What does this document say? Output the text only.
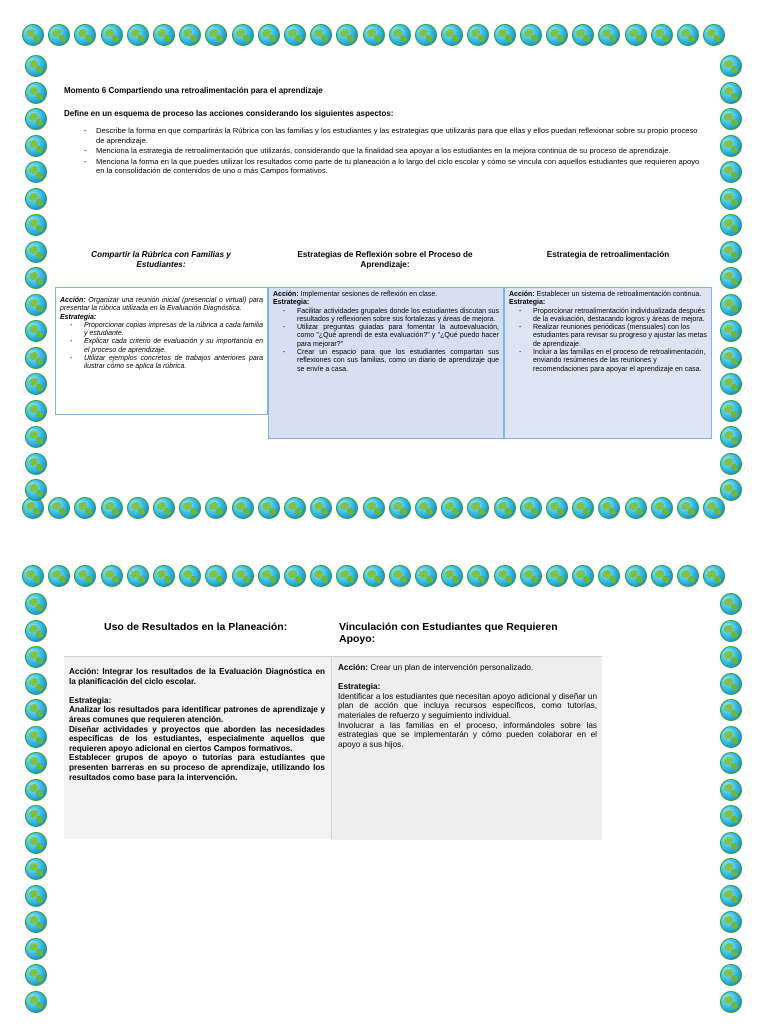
Momento 6 Compartiendo una retroalimentación para el aprendizaje
Define en un esquema de proceso las acciones considerando los siguientes aspectos:
- Describe la forma en que compartirás la Rúbrica con las familias y los estudiantes y las estrategias que utilizarás para que ellas y ellos puedan reflexionar sobre su propio proceso de aprendizaje.
- Menciona la estrategia de retroalimentación que utilizarás, considerando que la finalidad sea apoyar a los estudiantes en la mejora continua de su proceso de aprendizaje.
- Menciona la forma en la que puedes utilizar los resultados como parte de tu planeación a lo largo del ciclo escolar y cómo se vincula con aquellos estudiantes que requieren apoyo en la consolidación de contenidos de uno o más Campos formativos.
Compartir la Rúbrica con Familias y Estudiantes:
Estrategias de Reflexión sobre el Proceso de Aprendizaje:
Estrategia de retroalimentación
Acción: Organizar una reunión inicial (presencial o virtual) para presentar la rúbrica utilizada en la Evaluación Diagnóstica.
Estrategia:
- Proporcionar copias impresas de la rúbrica a cada familia y estudiante.
- Explicar cada criterio de evaluación y su importancia en el proceso de aprendizaje.
- Utilizar ejemplos concretos de trabajos anteriores para ilustrar cómo se aplica la rúbrica.
Acción: Implementar sesiones de reflexión en clase.
Estrategia:
- Facilitar actividades grupales donde los estudiantes discutan sus resultados y reflexionen sobre sus fortalezas y áreas de mejora.
- Utilizar preguntas guiadas para fomentar la autoevaluación, como "¿Qué aprendí de esta evaluación?" y "¿Qué puedo hacer para mejorar?"
- Crear un espacio para que los estudiantes compartan sus reflexiones con sus familias, como un diario de aprendizaje que se envíe a casa.
Acción: Establecer un sistema de retroalimentación continua.
Estrategia:
- Proporcionar retroalimentación individualizada después de la evaluación, destacando logros y áreas de mejora.
- Realizar reuniones periódicas (mensuales) con los estudiantes para revisar su progreso y ajustar las metas de aprendizaje.
- Incluir a las familias en el proceso de retroalimentación, enviando resúmenes de las reuniones y recomendaciones para apoyar el aprendizaje en casa.
Uso de Resultados en la Planeación:	Vinculación con Estudiantes que Requieren Apoyo:
Acción: Integrar los resultados de la Evaluación Diagnóstica en la planificación del ciclo escolar.
Estrategia:
Analizar los resultados para identificar patrones de aprendizaje y áreas comunes que requieren atención.
Diseñar actividades y proyectos que aborden las necesidades específicas de los estudiantes, especialmente aquellos que requieren apoyo adicional en ciertos Campos formativos.
Establecer grupos de apoyo o tutorías para estudiantes que presenten barreras en su proceso de aprendizaje, utilizando los resultados como base para la intervención.
Acción: Crear un plan de intervención personalizado.
Estrategia:
Identificar a los estudiantes que necesitan apoyo adicional y diseñar un plan de acción que incluya recursos específicos, como tutorías, materiales de refuerzo y seguimiento individual.
Involucrar a las familias en el proceso, informándoles sobre las estrategias que se implementarán y cómo pueden colaborar en el apoyo a sus hijos.
